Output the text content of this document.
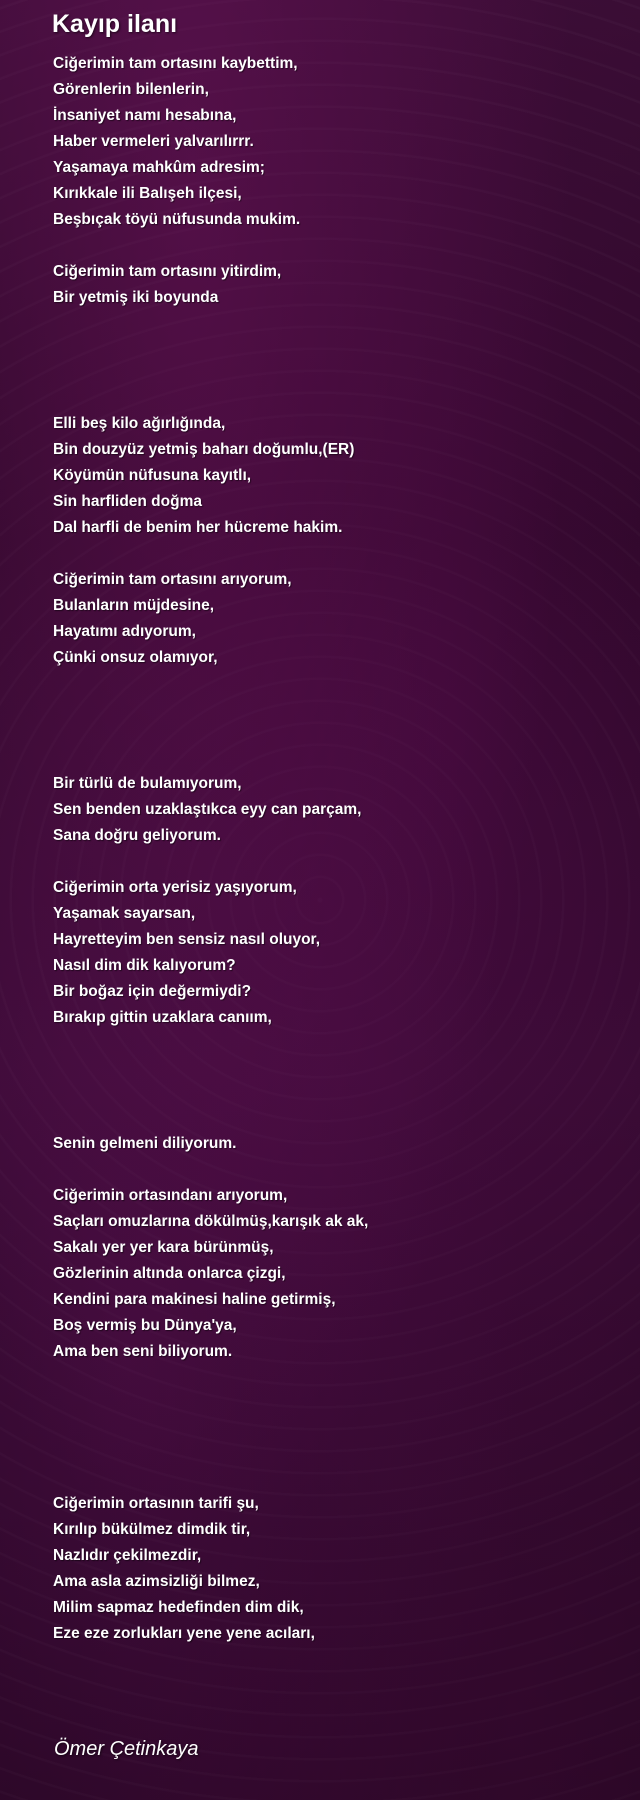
Kayıp ilanı
Ciğerimin tam ortasını kaybettim,
Görenlerin bilenlerin,
İnsaniyet namı hesabına,
Haber vermeleri yalvarılırrr.
Yaşamaya mahkûm adresim;
Kırıkkale ili Balışeh ilçesi,
Beşbıçak töyü nüfusunda mukim.
Ciğerimin tam ortasını yitirdim,
Bir yetmiş iki boyunda
Elli beş kilo ağırlığında,
Bin douzyüz yetmiş baharı doğumlu,(ER)
Köyümün nüfusuna kayıtlı,
Sin harfliden doğma
Dal harfli de benim her hücreme hakim.
Ciğerimin tam ortasını arıyorum,
Bulanların müjdesine,
Hayatımı adıyorum,
Çünki onsuz olamıyor,
Bir türlü de bulamıyorum,
Sen benden uzaklaştıkca eyy can parçam,
Sana doğru geliyorum.
Ciğerimin orta yerisiz yaşıyorum,
Yaşamak sayarsan,
Hayretteyim ben sensiz nasıl oluyor,
Nasıl dim dik kalıyorum?
Bir boğaz için değermiydi?
Bırakıp gittin uzaklara canıım,
Senin gelmeni diliyorum.
Ciğerimin ortasındanı arıyorum,
Saçları omuzlarına dökülmüş,karışık ak ak,
Sakalı yer yer kara bürünmüş,
Gözlerinin altında onlarca çizgi,
Kendini para makinesi haline getirmiş,
Boş vermiş bu Dünya'ya,
Ama ben seni biliyorum.
Ciğerimin ortasının tarifi şu,
Kırılıp bükülmez dimdik tir,
Nazlıdır çekilmezdir,
Ama asla azimsizliği bilmez,
Milim sapmaz hedefinden dim dik,
Eze eze zorlukları yene yene acıları,
Ömer Çetinkaya
